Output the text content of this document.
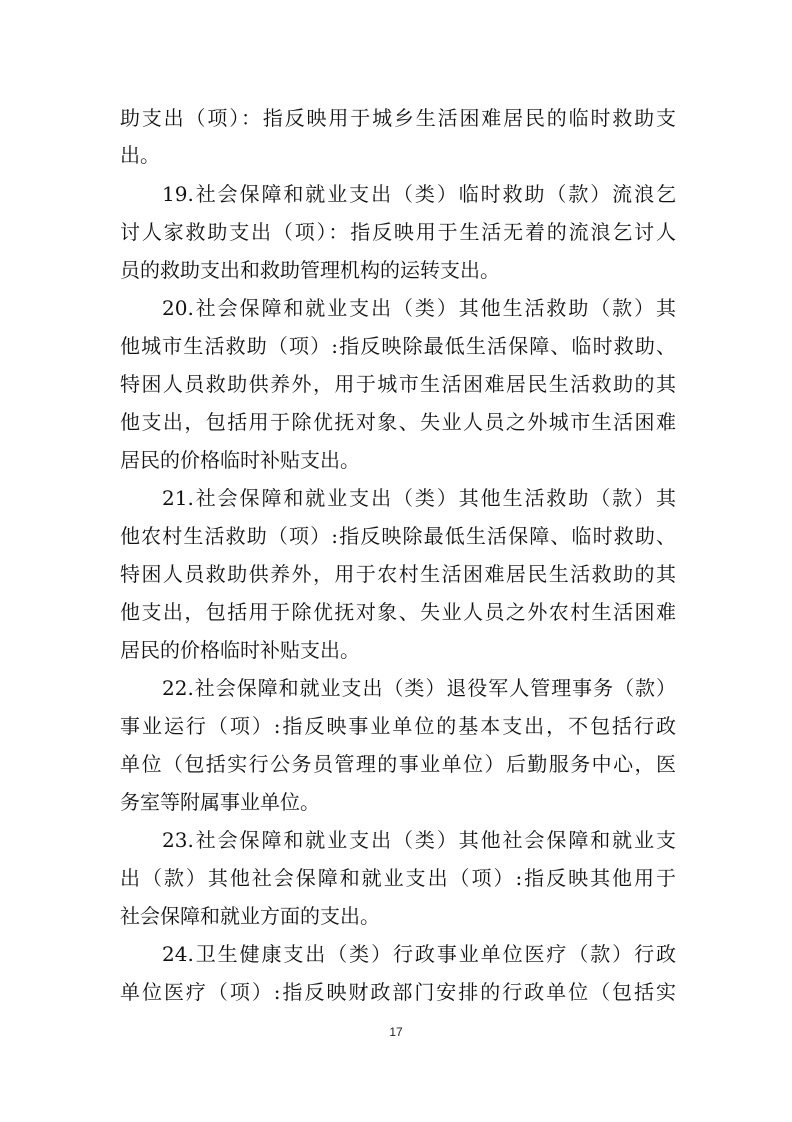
助支出（项）：指反映用于城乡生活困难居民的临时救助支
出。
19.社会保障和就业支出（类）临时救助（款）流浪乞
讨人家救助支出（项）：指反映用于生活无着的流浪乞讨人
员的救助支出和救助管理机构的运转支出。
20.社会保障和就业支出（类）其他生活救助（款）其
他城市生活救助（项）:指反映除最低生活保障、临时救助、
特困人员救助供养外，用于城市生活困难居民生活救助的其
他支出，包括用于除优抚对象、失业人员之外城市生活困难
居民的价格临时补贴支出。
21.社会保障和就业支出（类）其他生活救助（款）其
他农村生活救助（项）:指反映除最低生活保障、临时救助、
特困人员救助供养外，用于农村生活困难居民生活救助的其
他支出，包括用于除优抚对象、失业人员之外农村生活困难
居民的价格临时补贴支出。
22.社会保障和就业支出（类）退役军人管理事务（款）
事业运行（项）:指反映事业单位的基本支出，不包括行政
单位（包括实行公务员管理的事业单位）后勤服务中心，医
务室等附属事业单位。
23.社会保障和就业支出（类）其他社会保障和就业支
出（款）其他社会保障和就业支出（项）:指反映其他用于
社会保障和就业方面的支出。
24.卫生健康支出（类）行政事业单位医疗（款）行政
单位医疗（项）:指反映财政部门安排的行政单位（包括实
17
